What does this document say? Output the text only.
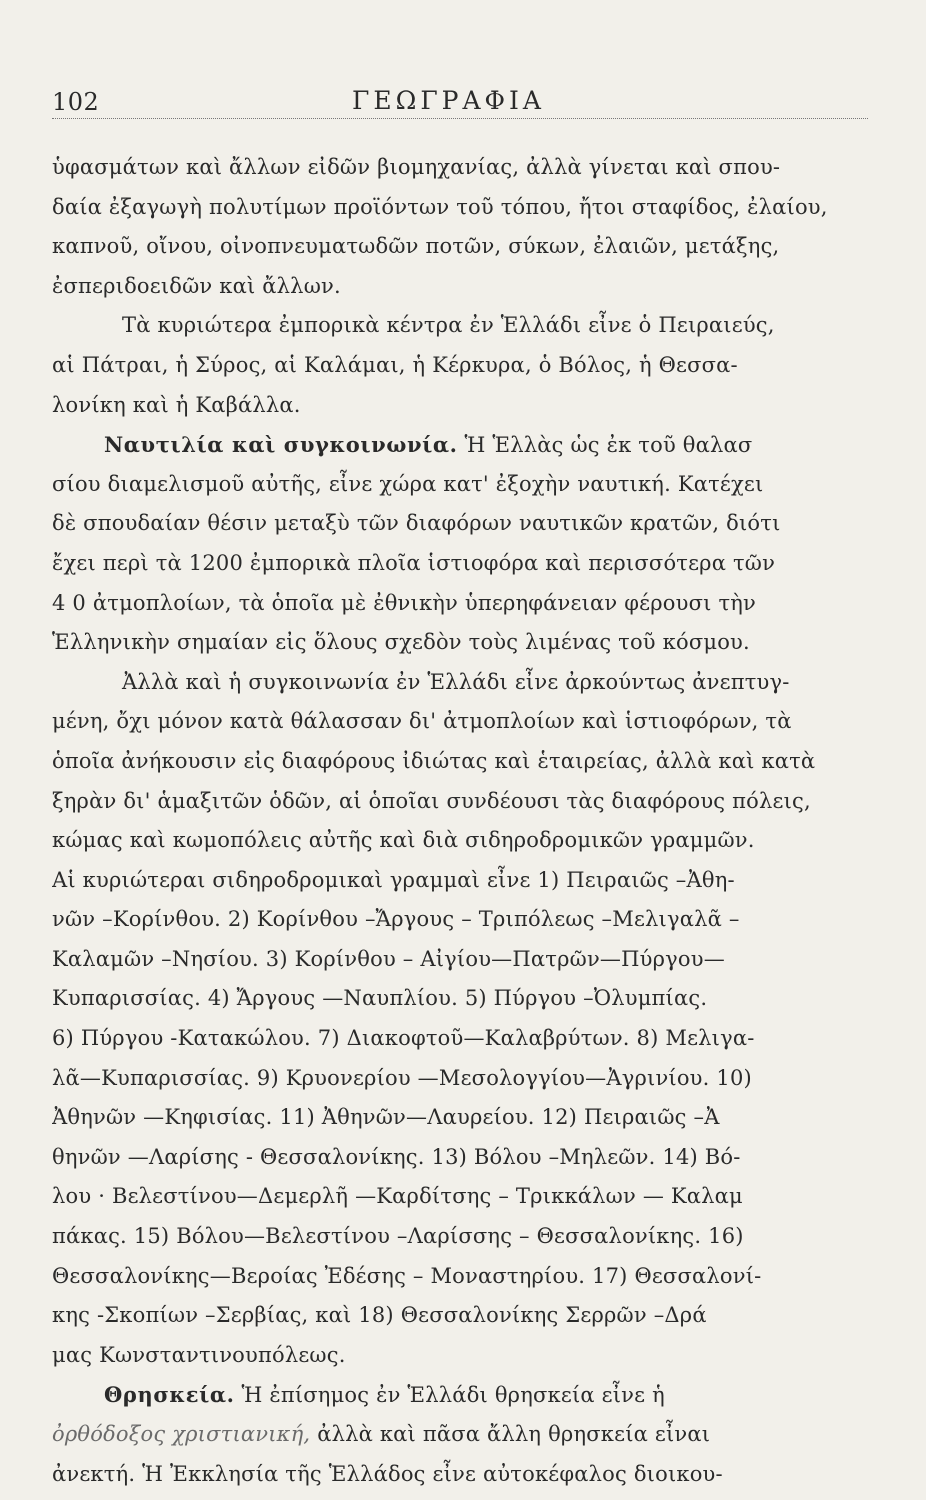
102	ΓΕΩΓΡΑΦΙΑ
ὑφασμάτων καὶ ἄλλων εἰδῶν βιομηχανίας, ἀλλὰ γίνεται καὶ σπου-
δαία ἐξαγωγὴ πολυτίμων προϊόντων τοῦ τόπου, ἤτοι σταφίδος, ἐλαίου,
καπνοῦ, οἴνου, οἰνοπνευματωδῶν ποτῶν, σύκων, ἐλαιῶν, μετάξης,
ἐσπεριδοειδῶν καὶ ἄλλων.
Τὰ κυριώτερα ἐμπορικὰ κέντρα ἐν Ἑλλάδι εἶνε ὁ Πειραιεύς,
αἱ Πάτραι, ἡ Σύρος, αἱ Καλάμαι, ἡ Κέρκυρα, ὁ Βόλος, ἡ Θεσσα-
λονίκη καὶ ἡ Καβάλλα.
Ναυτιλία καὶ συγκοινωνία. Ἡ Ἑλλὰς ὡς ἐκ τοῦ θαλασ
σίου διαμελισμοῦ αὐτῆς, εἶνε χώρα κατ' ἐξοχὴν ναυτική. Κατέχει
δὲ σπουδαίαν θέσιν μεταξὺ τῶν διαφόρων ναυτικῶν κρατῶν, διότι
ἔχει περὶ τὰ 1200 ἐμπορικὰ πλοῖα ἱστιοφόρα καὶ περισσότερα τῶν
4 0 ἀτμοπλοίων, τὰ ὁποῖα μὲ ἐθνικὴν ὑπερηφάνειαν φέρουσι τὴν
Ἑλληνικὴν σημαίαν εἰς ὅλους σχεδὸν τοὺς λιμένας τοῦ κόσμου.
Ἀλλὰ καὶ ἡ συγκοινωνία ἐν Ἑλλάδι εἶνε ἀρκούντως ἀνεπτυγ-
μένη, ὄχι μόνον κατὰ θάλασσαν δι' ἀτμοπλοίων καὶ ἱστιοφόρων, τὰ
ὁποῖα ἀνήκουσιν εἰς διαφόρους ἰδιώτας καὶ ἑταιρείας, ἀλλὰ καὶ κατὰ
ξηρὰν δι' ἁμαξιτῶν ὁδῶν, αἱ ὁποῖαι συνδέουσι τὰς διαφόρους πόλεις,
κώμας καὶ κωμοπόλεις αὐτῆς καὶ διὰ σιδηροδρομικῶν γραμμῶν.
Αἱ κυριώτεραι σιδηροδρομικαὶ γραμμαὶ εἶνε 1) Πειραιῶς –Ἀθη-
νῶν –Κορίνθου. 2) Κορίνθου –Ἄργους – Τριπόλεως –Μελιγαλᾶ –
Καλαμῶν –Νησίου. 3) Κορίνθου – Αἰγίου—Πατρῶν—Πύργου—
Κυπαρισσίας. 4) Ἄργους —Ναυπλίου. 5) Πύργου –Ὀλυμπίας.
6) Πύργου -Κατακώλου. 7) Διακοφτοῦ—Καλαβρύτων. 8) Μελιγα-
λᾶ—Κυπαρισσίας. 9) Κρυονερίου —Μεσολογγίου—Ἀγρινίου. 10)
Ἀθηνῶν —Κηφισίας. 11) Ἀθηνῶν—Λαυρείου. 12) Πειραιῶς –Ἀ
θηνῶν —Λαρίσης - Θεσσαλονίκης. 13) Βόλου –Μηλεῶν. 14) Βό-
λου · Βελεστίνου—Δεμερλῆ —Καρδίτσης – Τρικκάλων — Καλαμ
πάκας. 15) Βόλου—Βελεστίνου –Λαρίσσης – Θεσσαλονίκης. 16)
Θεσσαλονίκης—Βεροίας Ἐδέσης – Μοναστηρίου. 17) Θεσσαλονί-
κης -Σκοπίων –Σερβίας, καὶ 18) Θεσσαλονίκης Σερρῶν –Δρά
μας Κωνσταντινουπόλεως.
Θρησκεία. Ἡ ἐπίσημος ἐν Ἑλλάδι θρησκεία εἶνε ἡ
ὀρθόδοξος χριστιανική, ἀλλὰ καὶ πᾶσα ἄλλη θρησκεία εἶναι
ἀνεκτή. Ἡ Ἐκκλησία τῆς Ἑλλάδος εἶνε αὐτοκέφαλος διοικου-
